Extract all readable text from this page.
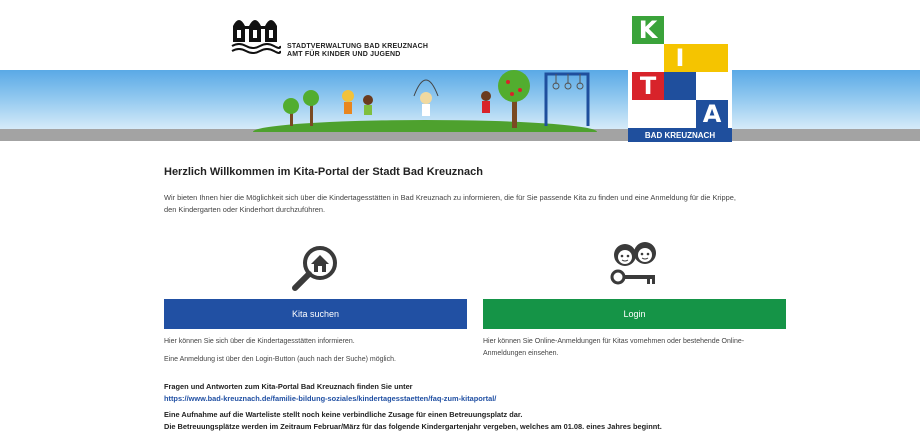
STADTVERWALTUNG BAD KREUZNACH
AMT FÜR KINDER UND JUGEND
K
I
T
A
BAD KREUZNACH
Herzlich Willkommen im Kita-Portal der Stadt Bad Kreuznach

Wir bieten Ihnen hier die Möglichkeit sich über die Kindertagesstätten in Bad Kreuznach zu informieren, die für Sie passende Kita zu finden und eine Anmeldung für die Krippe,
den Kindergarten oder Kinderhort durchzuführen.

Kita suchen	Login

Hier können Sie sich über die Kindertagesstätten informieren.

Eine Anmeldung ist über den Login-Button (auch nach der Suche) möglich.

Hier können Sie Online-Anmeldungen für Kitas vornehmen oder bestehende Online-
Anmeldungen einsehen.

Fragen und Antworten zum Kita-Portal Bad Kreuznach finden Sie unter

https://www.bad-kreuznach.de/familie-bildung-soziales/kindertagesstaetten/faq-zum-kitaportal/

Eine Aufnahme auf die Warteliste stellt noch keine verbindliche Zusage für einen Betreuungsplatz dar.

Die Betreuungsplätze werden im Zeitraum Februar/März für das folgende Kindergartenjahr vergeben, welches am 01.08. eines Jahres beginnt.
